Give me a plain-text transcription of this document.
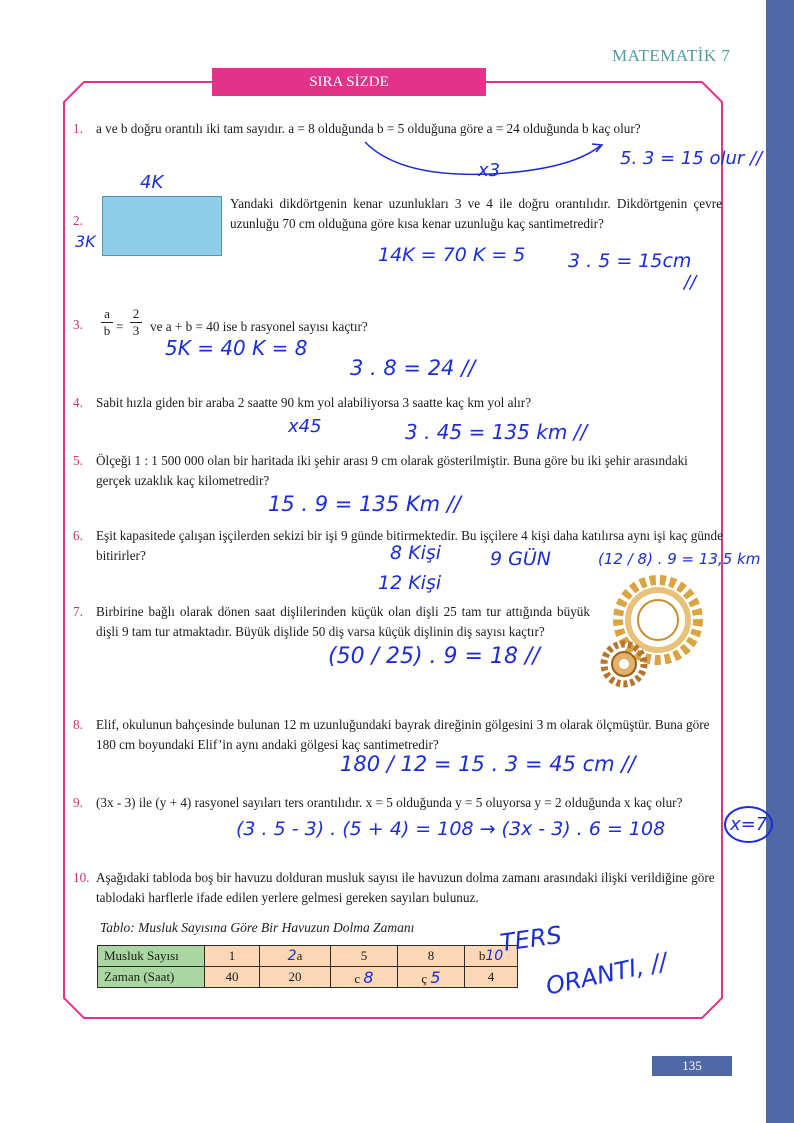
MATEMATİK 7
SIRA SİZDE
1. a ve b doğru orantılı iki tam sayıdır. a = 8 olduğunda b = 5 olduğuna göre a = 24 olduğunda b kaç olur?
x3
5. 3 = 15 olur //
2.
4K
3K
Yandaki dikdörtgenin kenar uzunlukları 3 ve 4 ile doğru orantılıdır. Dikdörtgenin çevre uzunluğu 70 cm olduğuna göre kısa kenar uzunluğu kaç santimetredir?
14K = 70 K = 5 3 . 5 = 15cm
//
3. $\frac{a}{b} = \frac{2}{3}$ ve a + b = 40 ise b rasyonel sayısı kaçtır?
5K = 40 K = 8
3 . 8 = 24 //
4. Sabit hızla giden bir araba 2 saatte 90 km yol alabiliyorsa 3 saatte kaç km yol alır?
x45	3 . 45 = 135 km //
5. Ölçeği 1 : 1 500 000 olan bir haritada iki şehir arası 9 cm olarak gösterilmiştir. Buna göre bu iki şehir arasındaki gerçek uzaklık kaç kilometredir?
15 . 9 = 135 Km //
6. Eşit kapasitede çalışan işçilerden sekizi bir işi 9 günde bitirmektedir. Bu işçilere 4 kişi daha katılırsa aynı işi kaç günde bitirirler?	8 Kişi	9 GÜN
12 Kişi
(12 / 8) . 9 = 13,5 km
7. Birbirine bağlı olarak dönen saat dişlilerinden küçük olan dişli 25 tam tur attığında büyük dişli 9 tam tur atmaktadır. Büyük dişlide 50 diş varsa küçük dişlinin diş sayısı kaçtır?
(50 / 25) . 9 = 18 //
8. Elif, okulunun bahçesinde bulunan 12 m uzunluğundaki bayrak direğinin gölgesini 3 m olarak ölçmüştür. Buna göre 180 cm boyundaki Elif’in aynı andaki gölgesi kaç santimetredir?
180 / 12 = 15 . 3 = 45 cm //
9. (3x - 3) ile (y + 4) rasyonel sayıları ters orantılıdır. x = 5 olduğunda y = 5 oluyorsa y = 2 olduğunda x kaç olur?
(3 . 5 - 3) . (5 + 4) = 108 → (3x - 3) . 6 = 108	x=7
10. Aşağıdaki tabloda boş bir havuzu dolduran musluk sayısı ile havuzun dolma zamanı arasındaki ilişki verildiğine göre tablodaki harflerle ifade edilen yerlere gelmesi gereken sayıları bulunuz.
Tablo: Musluk Sayısına Göre Bir Havuzun Dolma Zamanı
Musluk Sayısı	1	2a	5	8	b10
Zaman (Saat)	40	20	c 8	ç 5	4
TERS
ORANTI, //
135
